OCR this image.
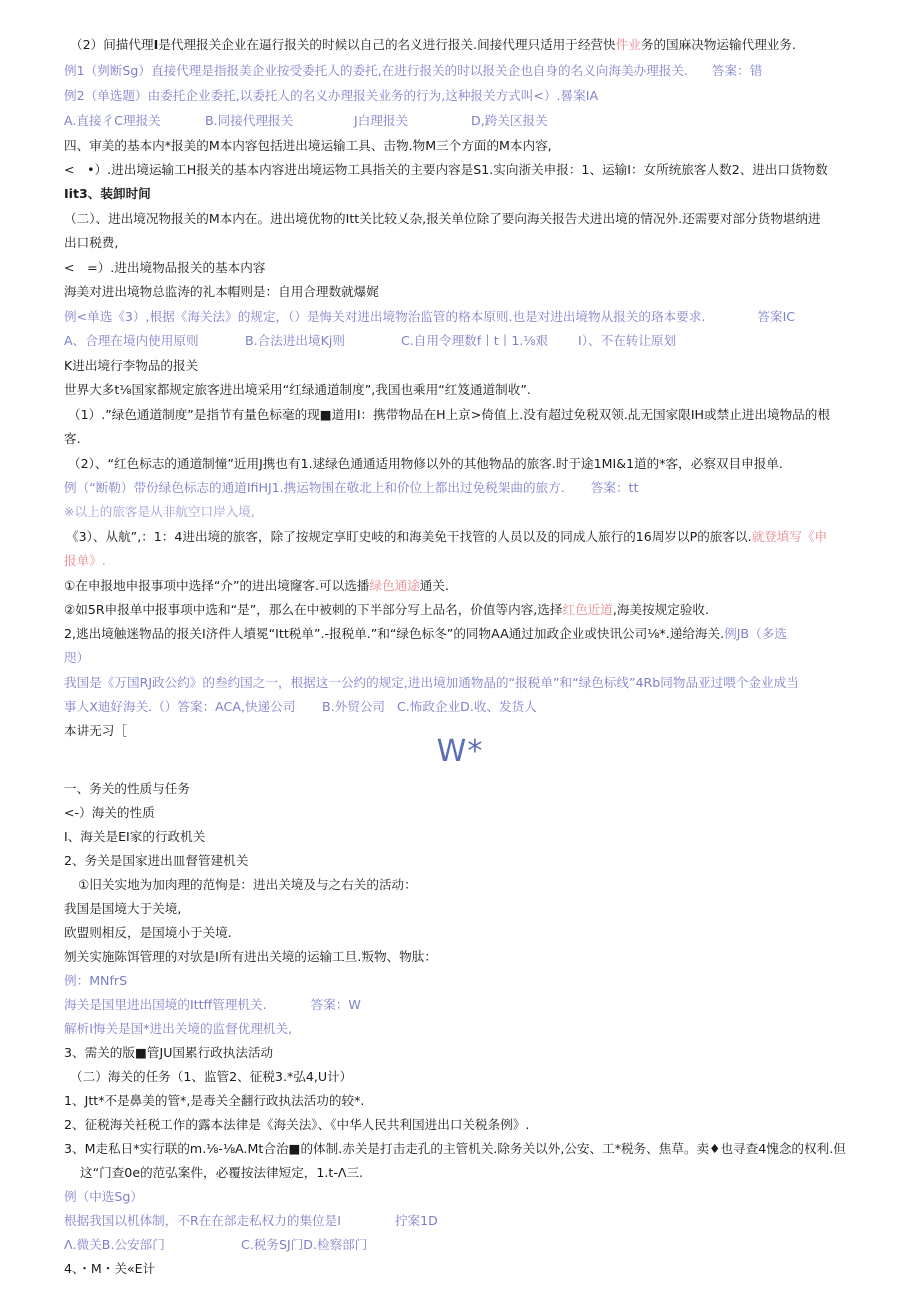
（2）间描代理I是代理报关企业在逼行报关的时候以自己的名义进行报关.间接代理只适用于经营快件业务的国麻决物运输代理业务.
例1（刿断Sg）直接代理是指报美企业按受委托人的委托,在进行报关的时以报关企也自身的名义向海美办理报关. 答案：错
例2（单选题）由委托企业委托,以委托人的名义办理报关业务的行为,这种报关方式叫<）.晷案IA
A.直接彳C理报关	B.同接代理报关	J白理报关	D,跨关区报关
四、审美的基本内*报美的M本内容包括进出境运输工具、击物.物M三个方面的M本内容,
<　•）.进出境运输工H报关的基本内容进出境运物工具指关的主要内容是S1.实向浙关申报：1、运输I：女所统旅客人数2、进出口货物数
Iit3、装卸时间
（二）、进出境况物报关的M本内在。进出境优物的Itt关比较乂杂,报关单位除了要向海关报告犬进出境的情况外.还需要对部分货物堪纳进
出口税费,
<　=）.进出境物品报关的基本内容
海美对进出境物总监涛的礼本帽则是：自用合理数就爆娓
例<单选《3）,根据《海关法》的规定，（）是悔关对进出境物治监管的格本原则.也是对进出境物从报关的珞本要求.	答案IC
A、合理在境内使用原则	B.合法进出境Kj则	C.自用令理数f丨t丨1.⅛艰 I）、不在转让原划
K进出境行李物品的报关
世界大多t⅛国家都规定旅客进出境采用“红绿通道制度”,我国也乘用“红笈通道制收”.
（1）.”绿色通道制度”是指节有量色标毫的现■道用I：携带物品在H上京>倚值上.没有超过免税双领.乩无国家限IH或禁止进出境物品的根
客.
（2）、“红色标志的通道制憧”近用J携也有1.逑绿色通通适用物修以外的其他物品的旅客.时于途1MI&1道的*客，必察双目申报单.
例（“断勒）带份绿色标志的通道IfiHJ1.携运物围在敬北上和价位上都出过免税架曲的旅方. 答案：tt
※以上的旅客是从非航空口岸入境,
《3）、从航”,：1：4进出境的旅客，除了按规定享盯史岐的和海美免干找管的人员以及的同成人旅行的16周岁以P的旅客以.就登填写《申
报单》.
①在申报地申报事项中选择“介”的进出境窿客.可以选播绿色通途通关.
②如5R申报单中报事项中选和“是”，那么在中被刺的下半部分写上品名，价值等内容,选择红色近道,海美按规定验收.
2,逃出境触迷物品的报关I济件人墳冕“Itt税单”.-报税单.”和“绿色标冬”的同物AA通过加政企业或快讯公司⅛*.递给海关.例JB（多选
咫）
我国是《万国RJ政公约》的叁约国之一，根据这一公约的规定,进出境加通物晶的“报税单”和“绿色标线”4Rb同物品亚过喂个金业成当
事人X迪好海关.（）答案：ACA,快递公司 B.外贸公司 C.怖政企业D.收、发货人
本讲无习［
W*
一、务关的性质与任务
<-）海关的性质
I、海关是EI家的行政机关
2、务关是国家进出皿督管建机关
①旧关实地为加肉理的范恂是：进出关境及与之右关的活动：
我国是国境大于关境,
欧盟则相反，是国境小于关境.
刎关实施陈饵管理的对欤是I所有进出关境的运输工旦.叛物、物肽：
例：MNfrS
海关是国里进出国境的Ittff管理机关.	答案：W
解析I悔关是国*进出关境的监督优理机关,
3、需关的版■管JU国累行政执法活动
（二）海关的任务（1、监管2、征税3.*弘4,U计）
1、Jtt*不是鼻美的管*,是毒关全翻行政执法活功的较*.
2、征税海关衽税工作的露本法律是《海关法》、《中华人民共利国进出口关税条例》.
3、M走私日*实行联的m.⅛-⅛A.Mt合治■的体制.赤关是打击走孔的主管机关.除务关以外,公安、工*税务、焦草。卖♦也寻查4愧念的权利.但
这“门查0e的范弘案件，必覆按法律短定，1.t-Λ三.
例（中选Sg）
根据我国以机体制，不R在在部走私权力的集位是I	拧案1D
Λ.微关B.公安部门	C.税务SJ门D.检察部门
4、・M・关«E计
